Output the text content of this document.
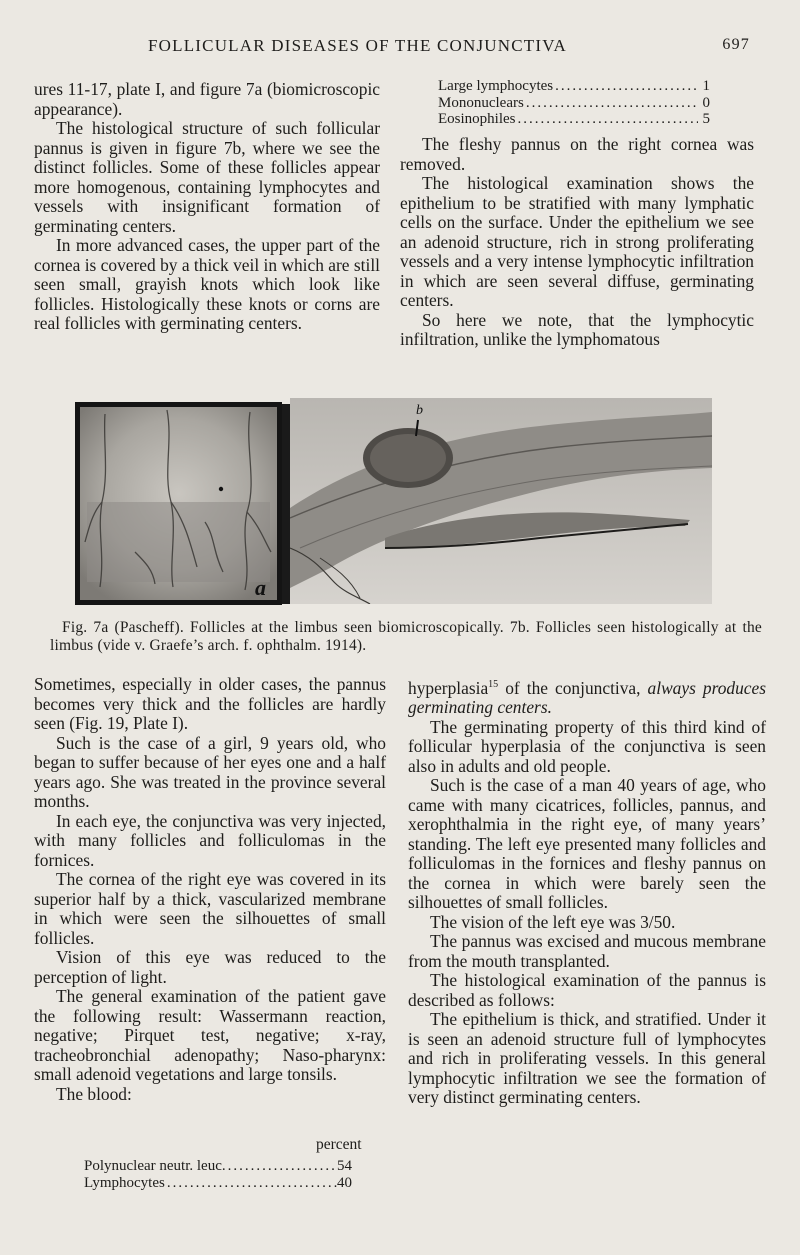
FOLLICULAR DISEASES OF THE CONJUNCTIVA	697

ures 11-17, plate I, and figure 7a (biomicroscopic appearance).

The histological structure of such follicular pannus is given in figure 7b, where we see the distinct follicles. Some of these follicles appear more homogenous, containing lymphocytes and vessels with insignificant formation of germinating centers.

In more advanced cases, the upper part of the cornea is covered by a thick veil in which are still seen small, grayish knots which look like follicles. Histologically these knots or corns are real follicles with germinating centers.

Large lymphocytes .....	1
Mononuclears .....	0
Eosinophiles .....	5

The fleshy pannus on the right cornea was removed.

The histological examination shows the epithelium to be stratified with many lymphatic cells on the surface. Under the epithelium we see an adenoid structure, rich in strong proliferating vessels and a very intense lymphocytic infiltration in which are seen several diffuse, germinating centers.

So here we note, that the lymphocytic infiltration, unlike the lymphomatous

a
b

Fig. 7a (Pascheff). Follicles at the limbus seen biomicroscopically. 7b. Follicles seen histologically at the limbus (vide v. Graefe’s arch. f. ophthalm. 1914).

Sometimes, especially in older cases, the pannus becomes very thick and the follicles are hardly seen (Fig. 19, Plate I).

Such is the case of a girl, 9 years old, who began to suffer because of her eyes one and a half years ago. She was treated in the province several months.

In each eye, the conjunctiva was very injected, with many follicles and folliculomas in the fornices.

The cornea of the right eye was covered in its superior half by a thick, vascularized membrane in which were seen the silhouettes of small follicles.

Vision of this eye was reduced to the perception of light.

The general examination of the patient gave the following result: Wassermann reaction, negative; Pirquet test, negative; x-ray, tracheobronchial adenopathy; Naso-pharynx: small adenoid vegetations and large tonsils.

The blood:

percent
Polynuclear neutr. leuc. .....	54
Lymphocytes .....	40

hyperplasia$^{15}$ of the conjunctiva, always produces germinating centers.

The germinating property of this third kind of follicular hyperplasia of the conjunctiva is seen also in adults and old people.

Such is the case of a man 40 years of age, who came with many cicatrices, follicles, pannus, and xerophthalmia in the right eye, of many years’ standing. The left eye presented many follicles and folliculomas in the fornices and fleshy pannus on the cornea in which were barely seen the silhouettes of small follicles.

The vision of the left eye was 3/50.

The pannus was excised and mucous membrane from the mouth transplanted.

The histological examination of the pannus is described as follows:

The epithelium is thick, and stratified. Under it is seen an adenoid structure full of lymphocytes and rich in proliferating vessels. In this general lymphocytic infiltration we see the formation of very distinct germinating centers.
